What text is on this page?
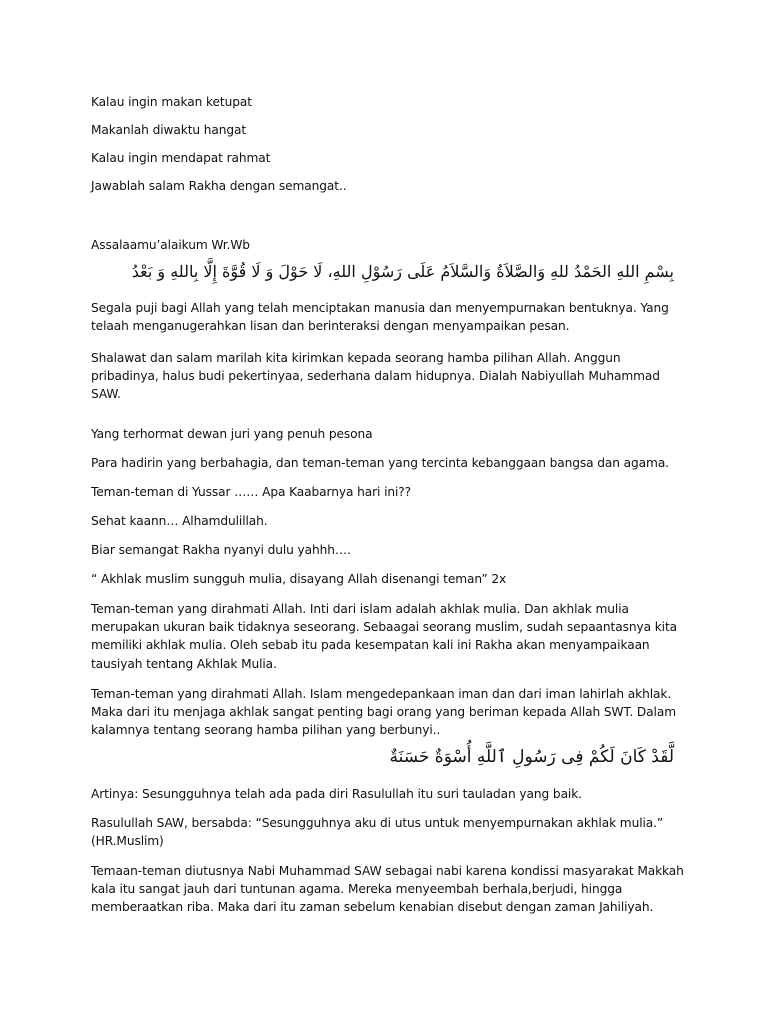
Kalau ingin makan ketupat

Makanlah diwaktu hangat

Kalau ingin mendapat rahmat

Jawablah salam Rakha dengan semangat..

Assalaamu’alaikum Wr.Wb

بِسْمِ اللهِ الحَمْدُ للهِ وَالصَّلاَةُ وَالسَّلاَمُ عَلَى رَسُوْلِ اللهِ، لَا حَوْلَ وَ لَا قُوَّةَ إِلَّا بِاللهِ وَ بَعْدُ

Segala puji bagi Allah yang telah menciptakan manusia dan menyempurnakan bentuknya. Yang telaah menganugerahkan lisan dan berinteraksi dengan menyampaikan pesan.

Shalawat dan salam marilah kita kirimkan kepada seorang hamba pilihan Allah. Anggun pribadinya, halus budi pekertinyaa, sederhana dalam hidupnya. Dialah Nabiyullah Muhammad SAW.

Yang terhormat dewan juri yang penuh pesona

Para hadirin yang berbahagia, dan teman-teman yang tercinta kebanggaan bangsa dan agama.

Teman-teman di Yussar …… Apa Kaabarnya hari ini??

Sehat kaann… Alhamdulillah.

Biar semangat Rakha nyanyi dulu yahhh….

“ Akhlak muslim sungguh mulia, disayang Allah disenangi teman” 2x

Teman-teman yang dirahmati Allah. Inti dari islam adalah akhlak mulia. Dan akhlak mulia merupakan ukuran baik tidaknya seseorang. Sebaagai seorang muslim, sudah sepaantasnya kita memiliki akhlak mulia. Oleh sebab itu pada kesempatan kali ini Rakha akan menyampaikaan tausiyah tentang Akhlak Mulia.

Teman-teman yang dirahmati Allah. Islam mengedepankaan iman dan dari iman lahirlah akhlak. Maka dari itu menjaga akhlak sangat penting bagi orang yang beriman kepada Allah SWT. Dalam kalamnya tentang seorang hamba pilihan yang berbunyi..

لَّقَدْ كَانَ لَكُمْ فِى رَسُولِ ٱللَّهِ أُسْوَةٌ حَسَنَةٌ

Artinya: Sesungguhnya telah ada pada diri Rasulullah itu suri tauladan yang baik.

Rasulullah SAW, bersabda: “Sesungguhnya aku di utus untuk menyempurnakan akhlak mulia.” (HR.Muslim)

Temaan-teman diutusnya Nabi Muhammad SAW sebagai nabi karena kondissi masyarakat Makkah kala itu sangat jauh dari tuntunan agama. Mereka menyeembah berhala,berjudi, hingga memberaatkan riba. Maka dari itu zaman sebelum kenabian disebut dengan zaman Jahiliyah.
